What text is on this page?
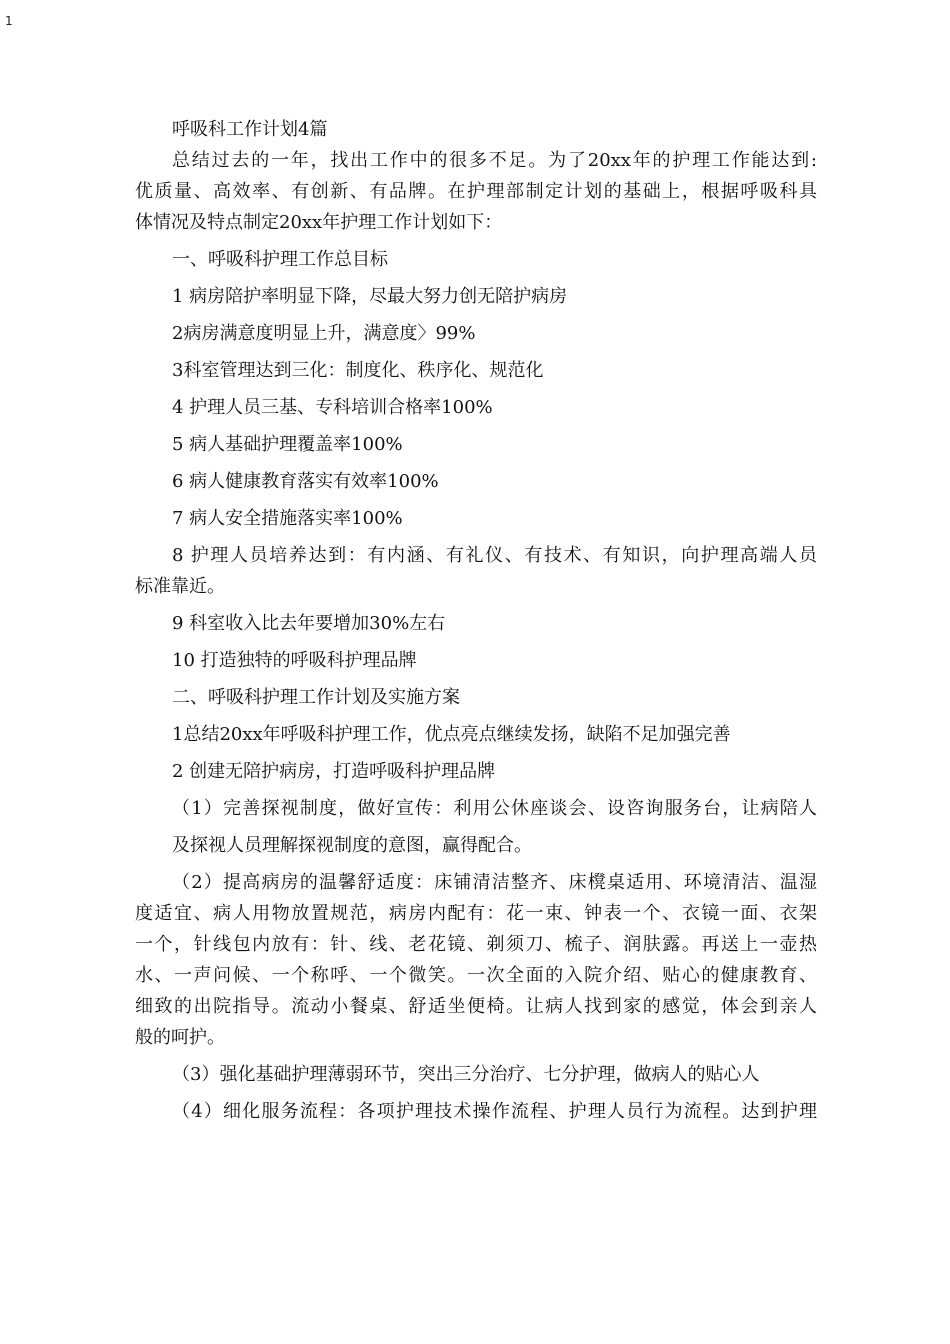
1
呼吸科工作计划4篇
总结过去的一年，找出工作中的很多不足。为了20xx年的护理工作能达到:
优质量、高效率、有创新、有品牌。在护理部制定计划的基础上，根据呼吸科具
体情况及特点制定20xx年护理工作计划如下：
一、呼吸科护理工作总目标
1 病房陪护率明显下降，尽最大努力创无陪护病房
2病房满意度明显上升，满意度〉99%
3科室管理达到三化：制度化、秩序化、规范化
4 护理人员三基、专科培训合格率100%
5 病人基础护理覆盖率100%
6 病人健康教育落实有效率100%
7 病人安全措施落实率100%
8 护理人员培养达到：有内涵、有礼仪、有技术、有知识，向护理高端人员
标准靠近。
9 科室收入比去年要增加30%左右
10 打造独特的呼吸科护理品牌
二、呼吸科护理工作计划及实施方案
1总结20xx年呼吸科护理工作，优点亮点继续发扬，缺陷不足加强完善
2 创建无陪护病房，打造呼吸科护理品牌
（1）完善探视制度，做好宣传：利用公休座谈会、设咨询服务台，让病陪人
及探视人员理解探视制度的意图，赢得配合。
（2）提高病房的温馨舒适度：床铺清洁整齐、床櫈桌适用、环境清洁、温湿
度适宜、病人用物放置规范，病房内配有：花一束、钟表一个、衣镜一面、衣架
一个，针线包内放有：针、线、老花镜、剃须刀、梳子、润肤露。再送上一壶热
水、一声问候、一个称呼、一个微笑。一次全面的入院介绍、贴心的健康教育、
细致的出院指导。流动小餐桌、舒适坐便椅。让病人找到家的感觉，体会到亲人
般的呵护。
（3）强化基础护理薄弱环节，突出三分治疗、七分护理，做病人的贴心人
（4）细化服务流程：各项护理技术操作流程、护理人员行为流程。达到护理
